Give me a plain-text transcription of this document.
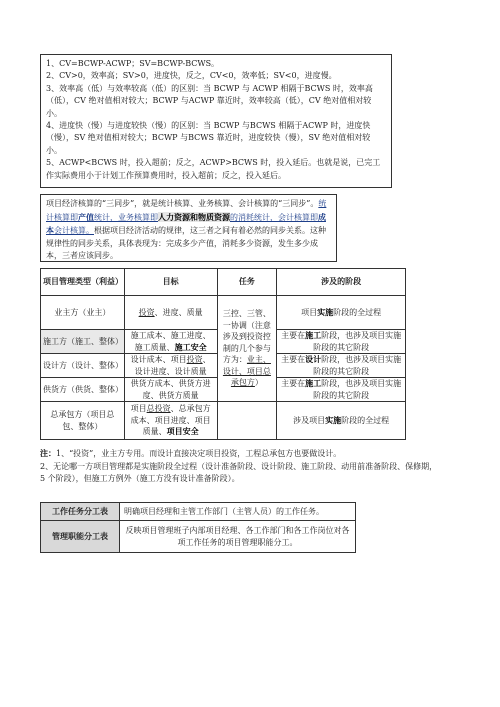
1、CV=BCWP-ACWP；SV=BCWP-BCWS。

2、CV>0，效率高；SV>0，进度快，反之，CV<0，效率低；SV<0，进度慢。

3、效率高（低）与效率较高（低）的区别：当 BCWP 与 ACWP 相隔于BCWS 时，效率高（低），CV 绝对值相对较大；BCWP 与ACWP 靠近时，效率较高（低），CV 绝对值相对较小。

4、进度快（慢）与进度较快（慢）的区别：当 BCWP 与BCWS 相隔于ACWP 时，进度快（慢），SV 绝对值相对较大；BCWP 与BCWS 靠近时，进度较快（慢），SV 绝对值相对较小。

5、ACWP<BCWS 时，投入超前；反之，ACWP>BCWS 时，投入延后。也就是说，已完工作实际费用小于计划工作预算费用时，投入超前；反之，投入延后。

项目经济核算的“三同步”，就是统计核算、业务核算、会计核算的“三同步”。统计核算即产值统计，业务核算即人力资源和物质资源的消耗统计，会计核算即成本会计核算。根据项目经济活动的规律，这三者之间有着必然的同步关系。这种规律性的同步关系，具体表现为：完成多少产值，消耗多少资源，发生多少成本，三者应该同步。
项目管理类型（利益）	目标	任务	涉及的阶段
业主方（业主）	投资、进度、质量	三控、三管、一协调（注意涉及到投资控制的几个参与方为：业主、设计、项目总承包方）	项目实施阶段的全过程
施工方（施工、整体）	施工成本、施工进度、施工质量、施工安全		主要在施工阶段，也涉及项目实施阶段的其它阶段
设计方（设计、整体）	设计成本、项目投资、设计进度、设计质量		主要在设计阶段，也涉及项目实施阶段的其它阶段
供货方（供货、整体）	供货方成本、供货方进度、供货方质量		主要在施工阶段，也涉及项目实施阶段的其它阶段
总承包方（项目总包、整体）	项目总投资、总承包方成本、项目进度、项目质量、项目安全		涉及项目实施阶段的全过程

注：1、“投资”，业主方专用。而设计直接决定项目投资，工程总承包方也要做设计。

2、无论哪一方项目管理都是实施阶段全过程（设计准备阶段、设计阶段、施工阶段、动用前准备阶段、保修期，5 个阶段），但施工方例外（施工方没有设计准备阶段）。

工作任务分工表	明确项目经理和主管工作部门（主管人员）的工作任务。
管理职能分工表	反映项目管理班子内部项目经理、各工作部门和各工作岗位对各项工作任务的项目管理职能分工。
